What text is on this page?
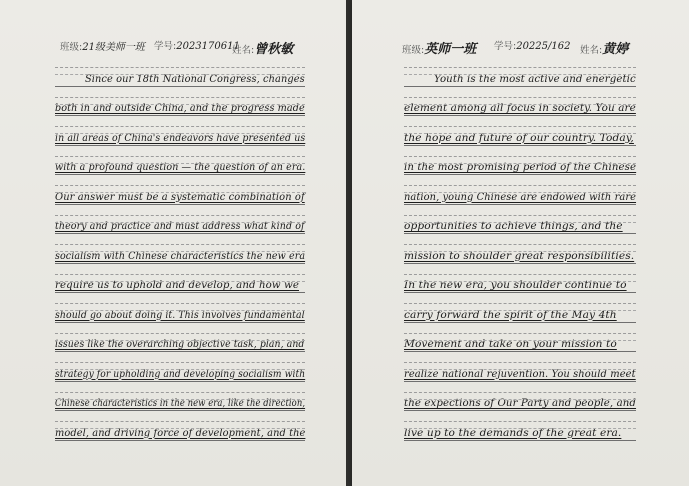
班级:21级美师一班 学号:2023170611
姓名:曾秋敏
Since our 18th National Congress, changes
both in and outside China, and the progress made
in all areas of China's endeavors have presented us
with a profound question — the question of an era.
Our answer must be a systematic combination of
theory and practice and must address what kind of
socialism with Chinese characteristics the new era
require us to uphold and develop, and how we
should go about doing it. This involves fundamental
issues like the overarching objective task, plan, and
strategy for upholding and developing socialism with
Chinese characteristics in the new era, like the direction,
model, and driving force of development, and the
班级:英师一班 学号:20225/162 姓名:黄婷
Youth is the most active and energetic
element among all focus in society. You are
the hope and future of our country. Today,
in the most promising period of the Chinese
nation, young Chinese are endowed with rare
opportunities to achieve things, and the
mission to shoulder great responsibilities.
In the new era, you shoulder continue to
carry forward the spirit of the May 4th
Movement and take on your mission to
realize national rejuvention. You should meet
the expections of Our Party and people, and
live up to the demands of the great era.
